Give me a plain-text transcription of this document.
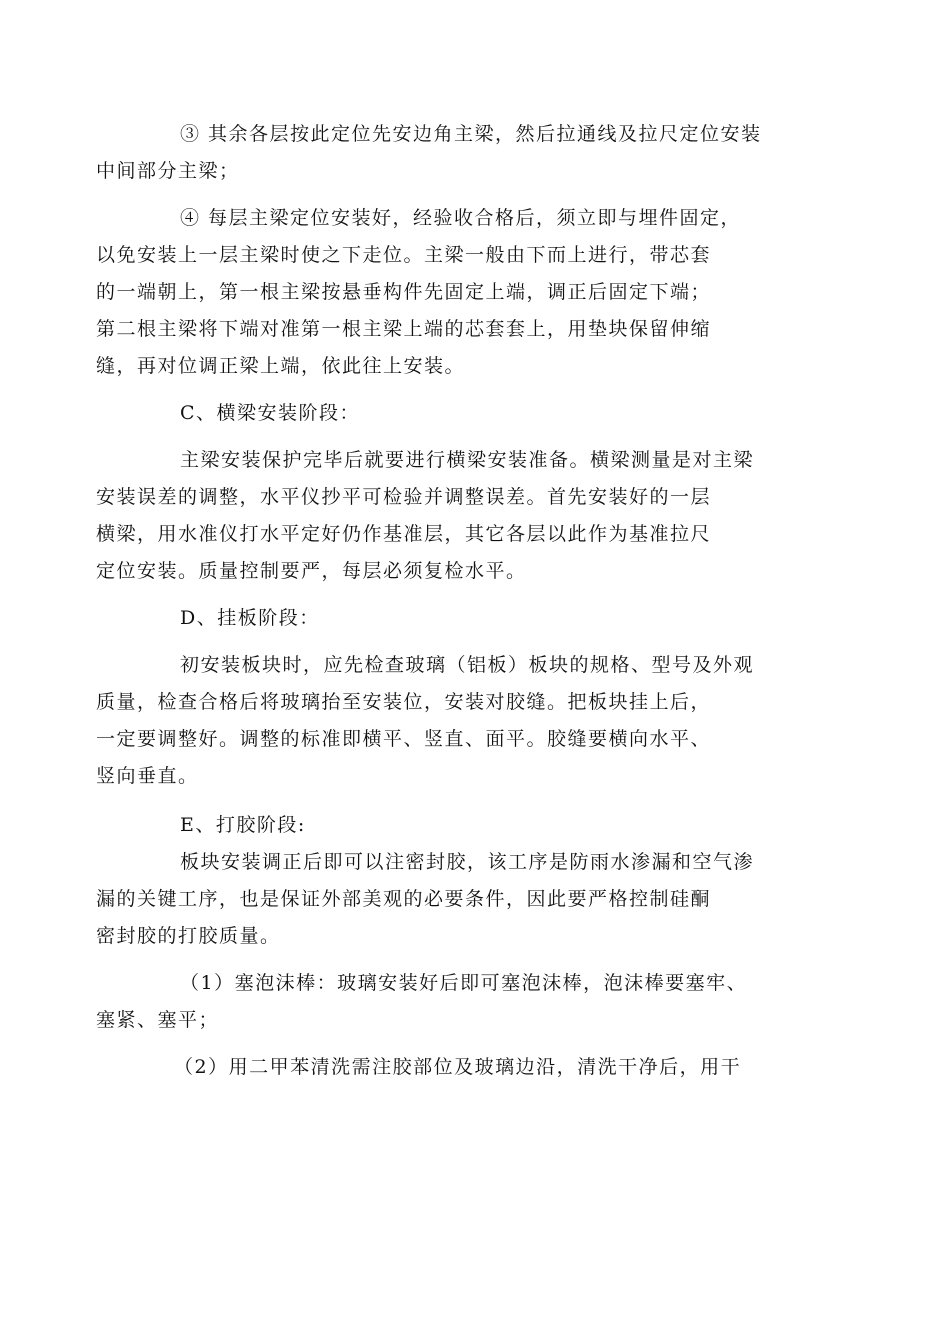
③ 其余各层按此定位先安边角主梁，然后拉通线及拉尺定位安装
中间部分主梁；

④ 每层主梁定位安装好，经验收合格后，须立即与埋件固定，
以免安装上一层主梁时使之下走位。主梁一般由下而上进行，带芯套
的一端朝上，第一根主梁按悬垂构件先固定上端，调正后固定下端；
第二根主梁将下端对准第一根主梁上端的芯套套上，用垫块保留伸缩
缝，再对位调正梁上端，依此往上安装。

C、横梁安装阶段：

主梁安装保护完毕后就要进行横梁安装准备。横梁测量是对主梁
安装误差的调整，水平仪抄平可检验并调整误差。首先安装好的一层
横梁，用水准仪打水平定好仍作基准层，其它各层以此作为基准拉尺
定位安装。质量控制要严，每层必须复检水平。

D、挂板阶段：

初安装板块时，应先检查玻璃（铝板）板块的规格、型号及外观
质量，检查合格后将玻璃抬至安装位，安装对胶缝。把板块挂上后，
一定要调整好。调整的标准即横平、竖直、面平。胶缝要横向水平、
竖向垂直。

E、打胶阶段:

板块安装调正后即可以注密封胶，该工序是防雨水渗漏和空气渗
漏的关键工序，也是保证外部美观的必要条件，因此要严格控制硅酮
密封胶的打胶质量。

（1）塞泡沫棒：玻璃安装好后即可塞泡沫棒，泡沫棒要塞牢、
塞紧、塞平；

（2）用二甲苯清洗需注胶部位及玻璃边沿，清洗干净后，用干
